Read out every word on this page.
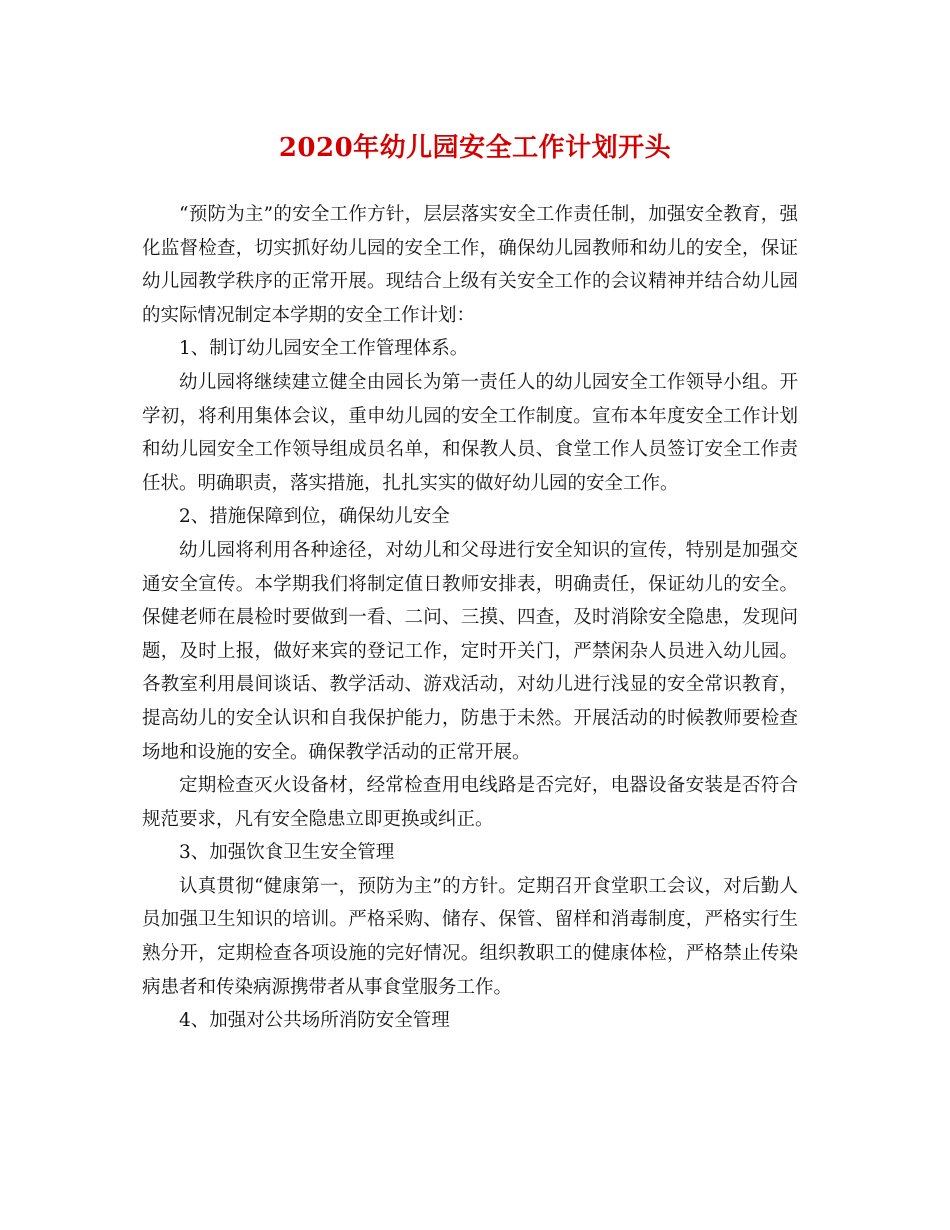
2020年幼儿园安全工作计划开头

“预防为主”的安全工作方针，层层落实安全工作责任制，加强安全教育，强化监督检查，切实抓好幼儿园的安全工作，确保幼儿园教师和幼儿的安全，保证幼儿园教学秩序的正常开展。现结合上级有关安全工作的会议精神并结合幼儿园的实际情况制定本学期的安全工作计划：

1、制订幼儿园安全工作管理体系。

幼儿园将继续建立健全由园长为第一责任人的幼儿园安全工作领导小组。开学初，将利用集体会议，重申幼儿园的安全工作制度。宣布本年度安全工作计划和幼儿园安全工作领导组成员名单，和保教人员、食堂工作人员签订安全工作责任状。明确职责，落实措施，扎扎实实的做好幼儿园的安全工作。

2、措施保障到位，确保幼儿安全

幼儿园将利用各种途径，对幼儿和父母进行安全知识的宣传，特别是加强交通安全宣传。本学期我们将制定值日教师安排表，明确责任，保证幼儿的安全。保健老师在晨检时要做到一看、二问、三摸、四查，及时消除安全隐患，发现问题，及时上报，做好来宾的登记工作，定时开关门，严禁闲杂人员进入幼儿园。各教室利用晨间谈话、教学活动、游戏活动，对幼儿进行浅显的安全常识教育，提高幼儿的安全认识和自我保护能力，防患于未然。开展活动的时候教师要检查场地和设施的安全。确保教学活动的正常开展。

定期检查灭火设备材，经常检查用电线路是否完好，电器设备安装是否符合规范要求，凡有安全隐患立即更换或纠正。

3、加强饮食卫生安全管理

认真贯彻“健康第一，预防为主”的方针。定期召开食堂职工会议，对后勤人员加强卫生知识的培训。严格采购、储存、保管、留样和消毒制度，严格实行生熟分开，定期检查各项设施的完好情况。组织教职工的健康体检，严格禁止传染病患者和传染病源携带者从事食堂服务工作。

4、加强对公共场所消防安全管理
